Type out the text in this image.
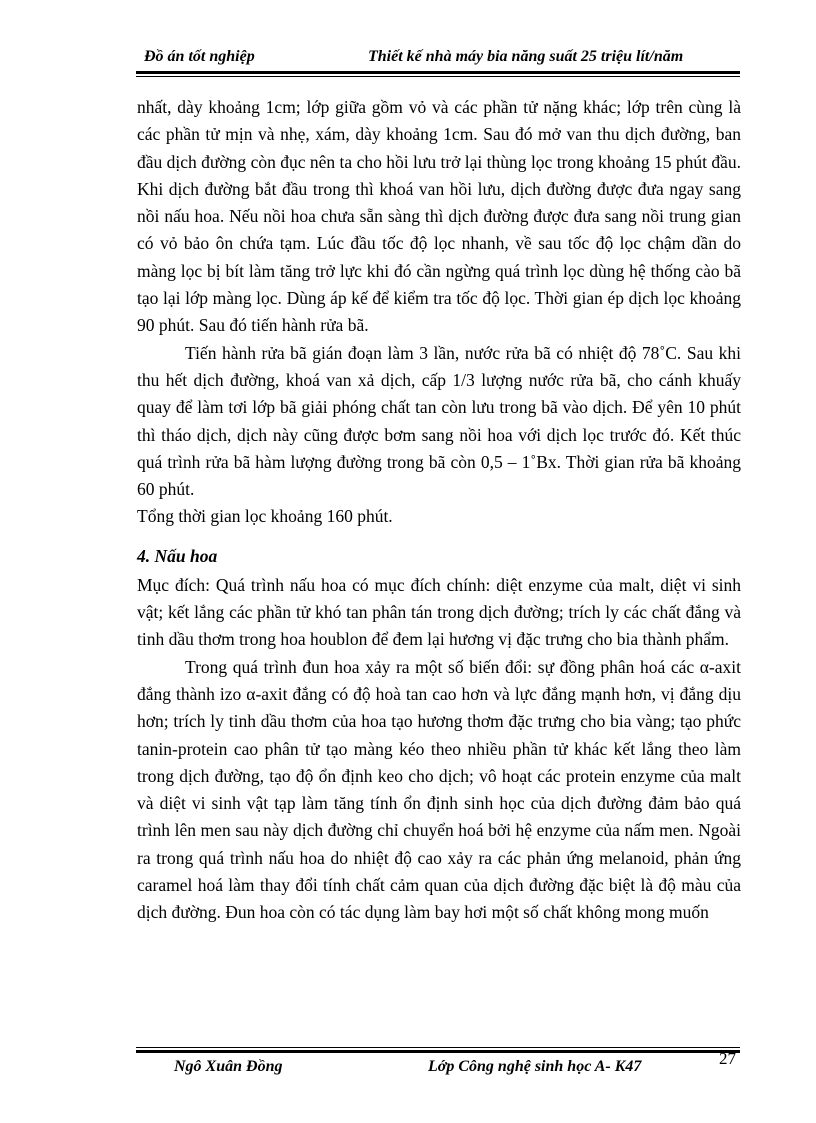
Đồ án tốt nghiệp	Thiết kế nhà máy bia năng suất 25 triệu lít/năm

nhất, dày khoảng 1cm; lớp giữa gồm vỏ và các phần tử nặng khác; lớp trên cùng là các phần tử mịn và nhẹ, xám, dày khoảng 1cm. Sau đó mở van thu dịch đường, ban đầu dịch đường còn đục nên ta cho hồi lưu trở lại thùng lọc trong khoảng 15 phút đầu. Khi dịch đường bắt đầu trong thì khoá van hồi lưu, dịch đường được đưa ngay sang nồi nấu hoa. Nếu nồi hoa chưa sẵn sàng thì dịch đường được đưa sang nồi trung gian có vỏ bảo ôn chứa tạm. Lúc đầu tốc độ lọc nhanh, về sau tốc độ lọc chậm dần do màng lọc bị bít làm tăng trở lực khi đó cần ngừng quá trình lọc dùng hệ thống cào bã tạo lại lớp màng lọc. Dùng áp kế để kiểm tra tốc độ lọc. Thời gian ép dịch lọc khoảng 90 phút. Sau đó tiến hành rửa bã.

Tiến hành rửa bã gián đoạn làm 3 lần, nước rửa bã có nhiệt độ 78˚C. Sau khi thu hết dịch đường, khoá van xả dịch, cấp 1/3 lượng nước rửa bã, cho cánh khuấy quay để làm tơi lớp bã giải phóng chất tan còn lưu trong bã vào dịch. Để yên 10 phút thì tháo dịch, dịch này cũng được bơm sang nồi hoa với dịch lọc trước đó. Kết thúc quá trình rửa bã hàm lượng đường trong bã còn 0,5 – 1˚Bx. Thời gian rửa bã khoảng 60 phút.

Tổng thời gian lọc khoảng 160 phút.

4. Nấu hoa

Mục đích: Quá trình nấu hoa có mục đích chính: diệt enzyme của malt, diệt vi sinh vật; kết lắng các phần tử khó tan phân tán trong dịch đường; trích ly các chất đắng và tinh dầu thơm trong hoa houblon để đem lại hương vị đặc trưng cho bia thành phẩm.

Trong quá trình đun hoa xảy ra một số biến đổi: sự đồng phân hoá các α-axit đắng thành izo α-axit đắng có độ hoà tan cao hơn và lực đắng mạnh hơn, vị đắng dịu hơn; trích ly tinh dầu thơm của hoa tạo hương thơm đặc trưng cho bia vàng; tạo phức tanin-protein cao phân tử tạo màng kéo theo nhiều phần tử khác kết lắng theo làm trong dịch đường, tạo độ ổn định keo cho dịch; vô hoạt các protein enzyme của malt và diệt vi sinh vật tạp làm tăng tính ổn định sinh học của dịch đường đảm bảo quá trình lên men sau này dịch đường chỉ chuyển hoá bởi hệ enzyme của nấm men. Ngoài ra trong quá trình nấu hoa do nhiệt độ cao xảy ra các phản ứng melanoid, phản ứng caramel hoá làm thay đổi tính chất cảm quan của dịch đường đặc biệt là độ màu của dịch đường. Đun hoa còn có tác dụng làm bay hơi một số chất không mong muốn

Ngô Xuân Đồng	Lớp Công nghệ sinh học A- K47	27
